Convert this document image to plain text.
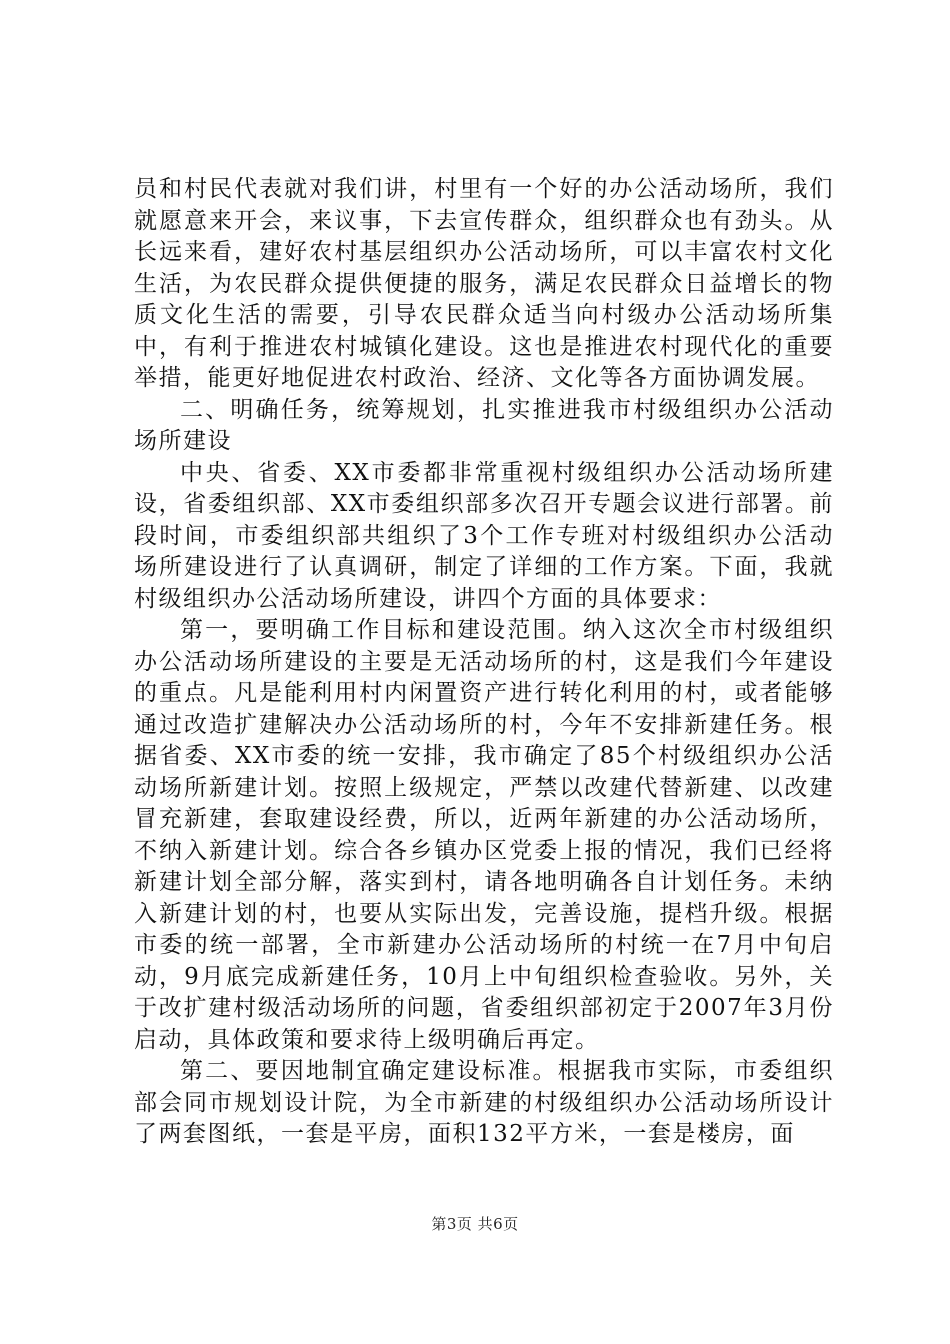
员和村民代表就对我们讲，村里有一个好的办公活动场所，我们就愿意来开会，来议事，下去宣传群众，组织群众也有劲头。从长远来看，建好农村基层组织办公活动场所，可以丰富农村文化生活，为农民群众提供便捷的服务，满足农民群众日益增长的物质文化生活的需要，引导农民群众适当向村级办公活动场所集中，有利于推进农村城镇化建设。这也是推进农村现代化的重要举措，能更好地促进农村政治、经济、文化等各方面协调发展。

二、明确任务，统筹规划，扎实推进我市村级组织办公活动场所建设

中央、省委、XX市委都非常重视村级组织办公活动场所建设，省委组织部、XX市委组织部多次召开专题会议进行部署。前段时间，市委组织部共组织了3个工作专班对村级组织办公活动场所建设进行了认真调研，制定了详细的工作方案。下面，我就村级组织办公活动场所建设，讲四个方面的具体要求：

第一，要明确工作目标和建设范围。纳入这次全市村级组织办公活动场所建设的主要是无活动场所的村，这是我们今年建设的重点。凡是能利用村内闲置资产进行转化利用的村，或者能够通过改造扩建解决办公活动场所的村，今年不安排新建任务。根据省委、XX市委的统一安排，我市确定了85个村级组织办公活动场所新建计划。按照上级规定，严禁以改建代替新建、以改建冒充新建，套取建设经费，所以，近两年新建的办公活动场所，不纳入新建计划。综合各乡镇办区党委上报的情况，我们已经将新建计划全部分解，落实到村，请各地明确各自计划任务。未纳入新建计划的村，也要从实际出发，完善设施，提档升级。根据市委的统一部署，全市新建办公活动场所的村统一在7月中旬启动，9月底完成新建任务，10月上中旬组织检查验收。另外，关于改扩建村级活动场所的问题，省委组织部初定于2007年3月份启动，具体政策和要求待上级明确后再定。

第二、要因地制宜确定建设标准。根据我市实际，市委组织部会同市规划设计院，为全市新建的村级组织办公活动场所设计了两套图纸，一套是平房，面积132平方米，一套是楼房，面

第3页 共6页
